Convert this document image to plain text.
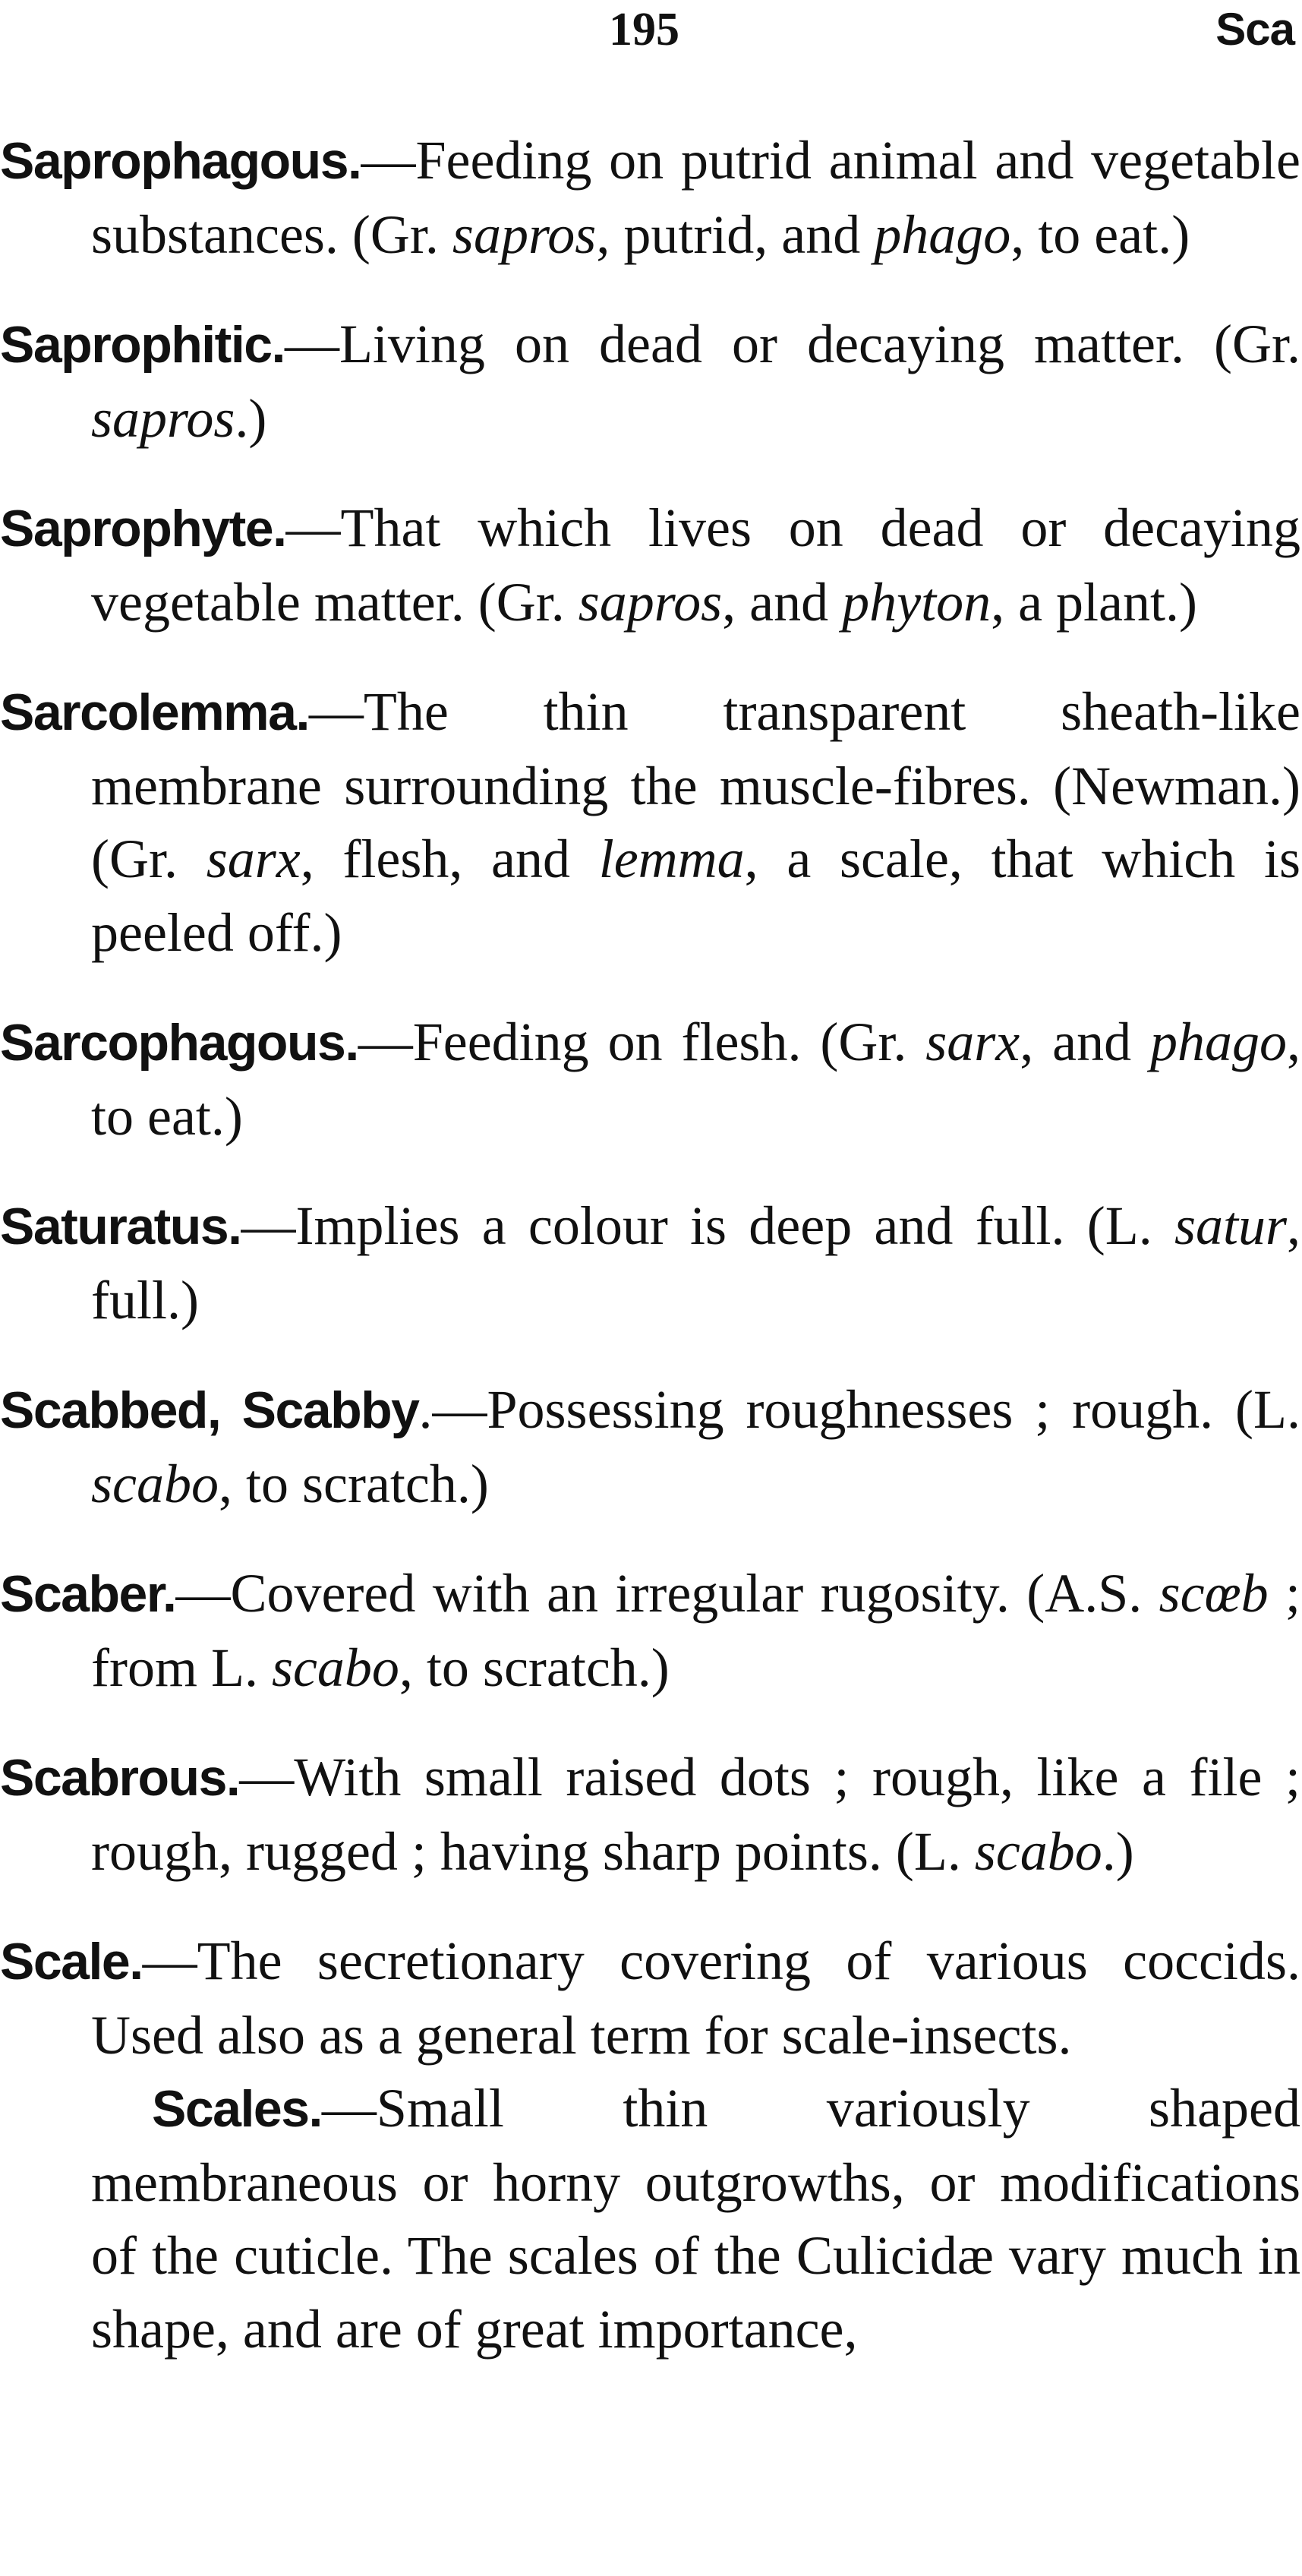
195	Sca

Saprophagous.—Feeding on putrid animal and vegetable substances. (Gr. sapros, putrid, and phago, to eat.)

Saprophitic.—Living on dead or decaying matter. (Gr. sapros.)

Saprophyte.—That which lives on dead or decaying vegetable matter. (Gr. sapros, and phyton, a plant.)

Sarcolemma.—The thin transparent sheath-like membrane surrounding the muscle-fibres. (Newman.) (Gr. sarx, flesh, and lemma, a scale, that which is peeled off.)

Sarcophagous.—Feeding on flesh. (Gr. sarx, and phago, to eat.)

Saturatus.—Implies a colour is deep and full. (L. satur, full.)

Scabbed, Scabby.—Possessing roughnesses ; rough. (L. scabo, to scratch.)

Scaber.—Covered with an irregular rugosity. (A.S. scœb ; from L. scabo, to scratch.)

Scabrous.—With small raised dots ; rough, like a file ; rough, rugged ; having sharp points. (L. scabo.)

Scale.—The secretionary covering of various coccids. Used also as a general term for scale-insects.
Scales.—Small thin variously shaped membraneous or horny outgrowths, or modifications of the cuticle. The scales of the Culicidæ vary much in shape, and are of great importance,
